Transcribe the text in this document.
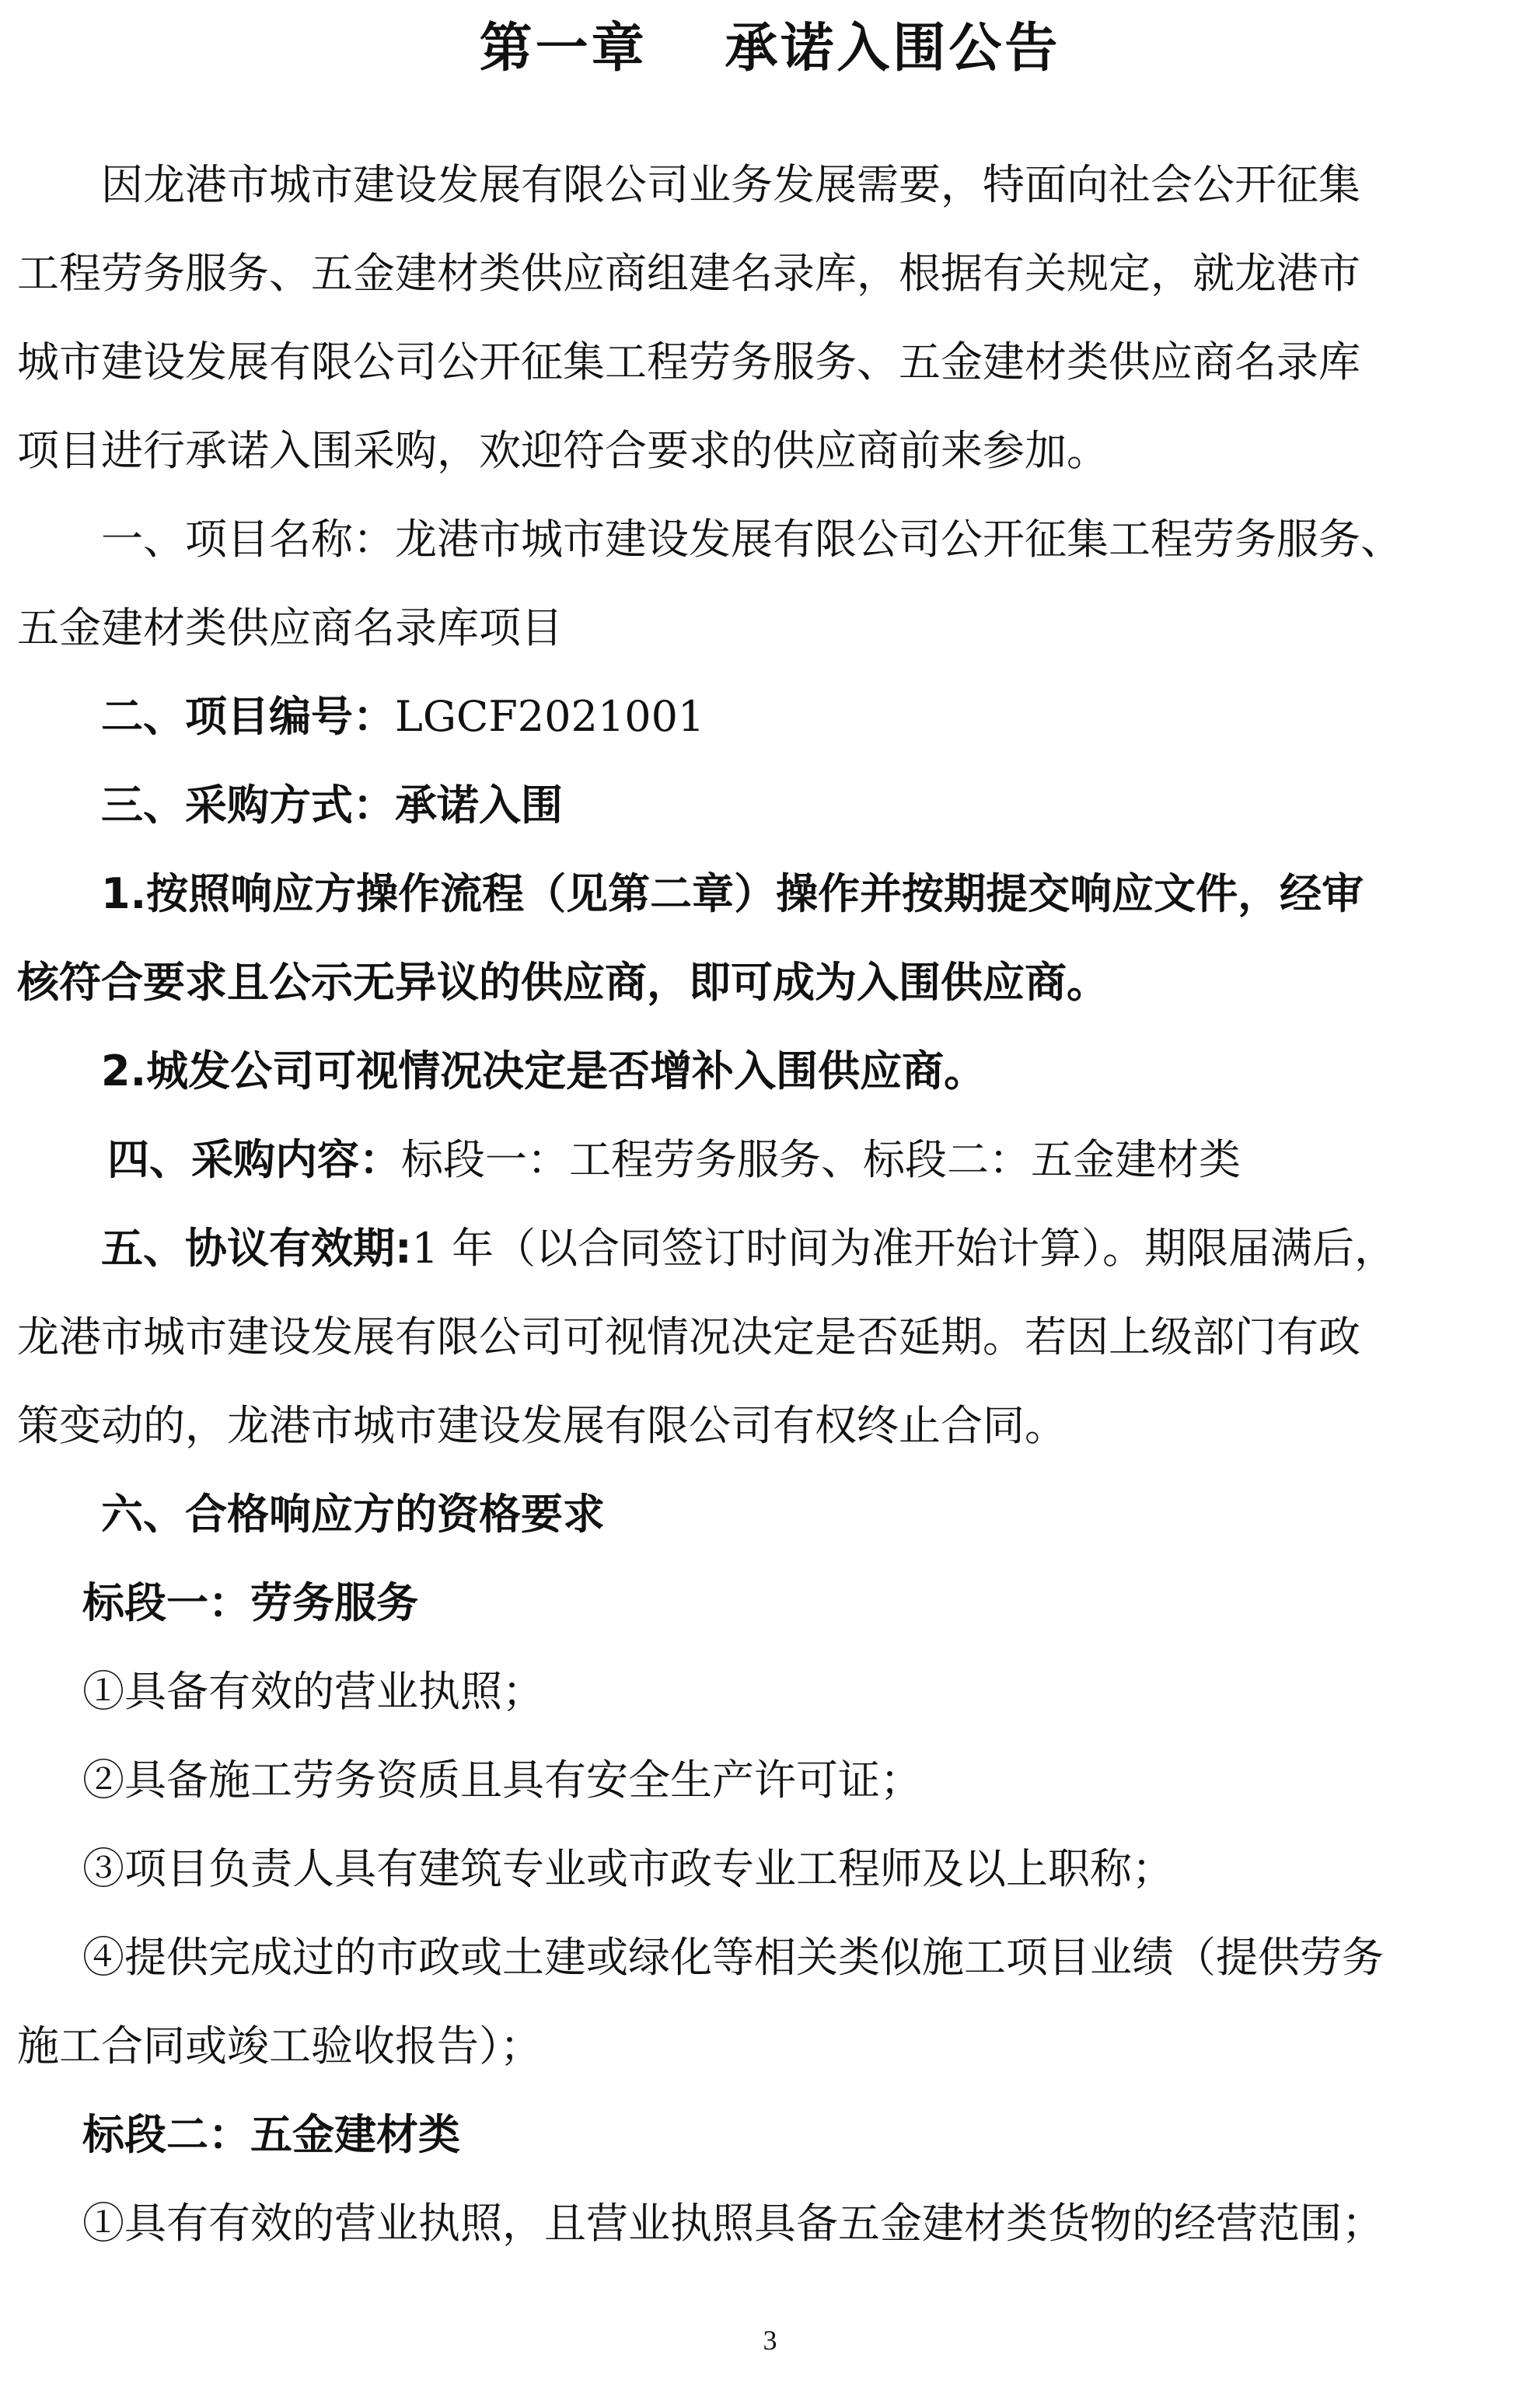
第一章　 承诺入围公告
因龙港市城市建设发展有限公司业务发展需要，特面向社会公开征集
工程劳务服务、五金建材类供应商组建名录库，根据有关规定，就龙港市
城市建设发展有限公司公开征集工程劳务服务、五金建材类供应商名录库
项目进行承诺入围采购，欢迎符合要求的供应商前来参加。
一、项目名称：龙港市城市建设发展有限公司公开征集工程劳务服务、
五金建材类供应商名录库项目
二、项目编号：LGCF2021001
三、采购方式：承诺入围
1.按照响应方操作流程（见第二章）操作并按期提交响应文件，经审
核符合要求且公示无异议的供应商，即可成为入围供应商。
2.城发公司可视情况决定是否增补入围供应商。
四、采购内容：标段一：工程劳务服务、标段二：五金建材类
五、协议有效期:1 年（以合同签订时间为准开始计算）。期限届满后，
龙港市城市建设发展有限公司可视情况决定是否延期。若因上级部门有政
策变动的，龙港市城市建设发展有限公司有权终止合同。
六、合格响应方的资格要求
标段一：劳务服务
①具备有效的营业执照；
②具备施工劳务资质且具有安全生产许可证；
③项目负责人具有建筑专业或市政专业工程师及以上职称；
④提供完成过的市政或土建或绿化等相关类似施工项目业绩（提供劳务
施工合同或竣工验收报告）；
标段二：五金建材类
①具有有效的营业执照，且营业执照具备五金建材类货物的经营范围；
3
